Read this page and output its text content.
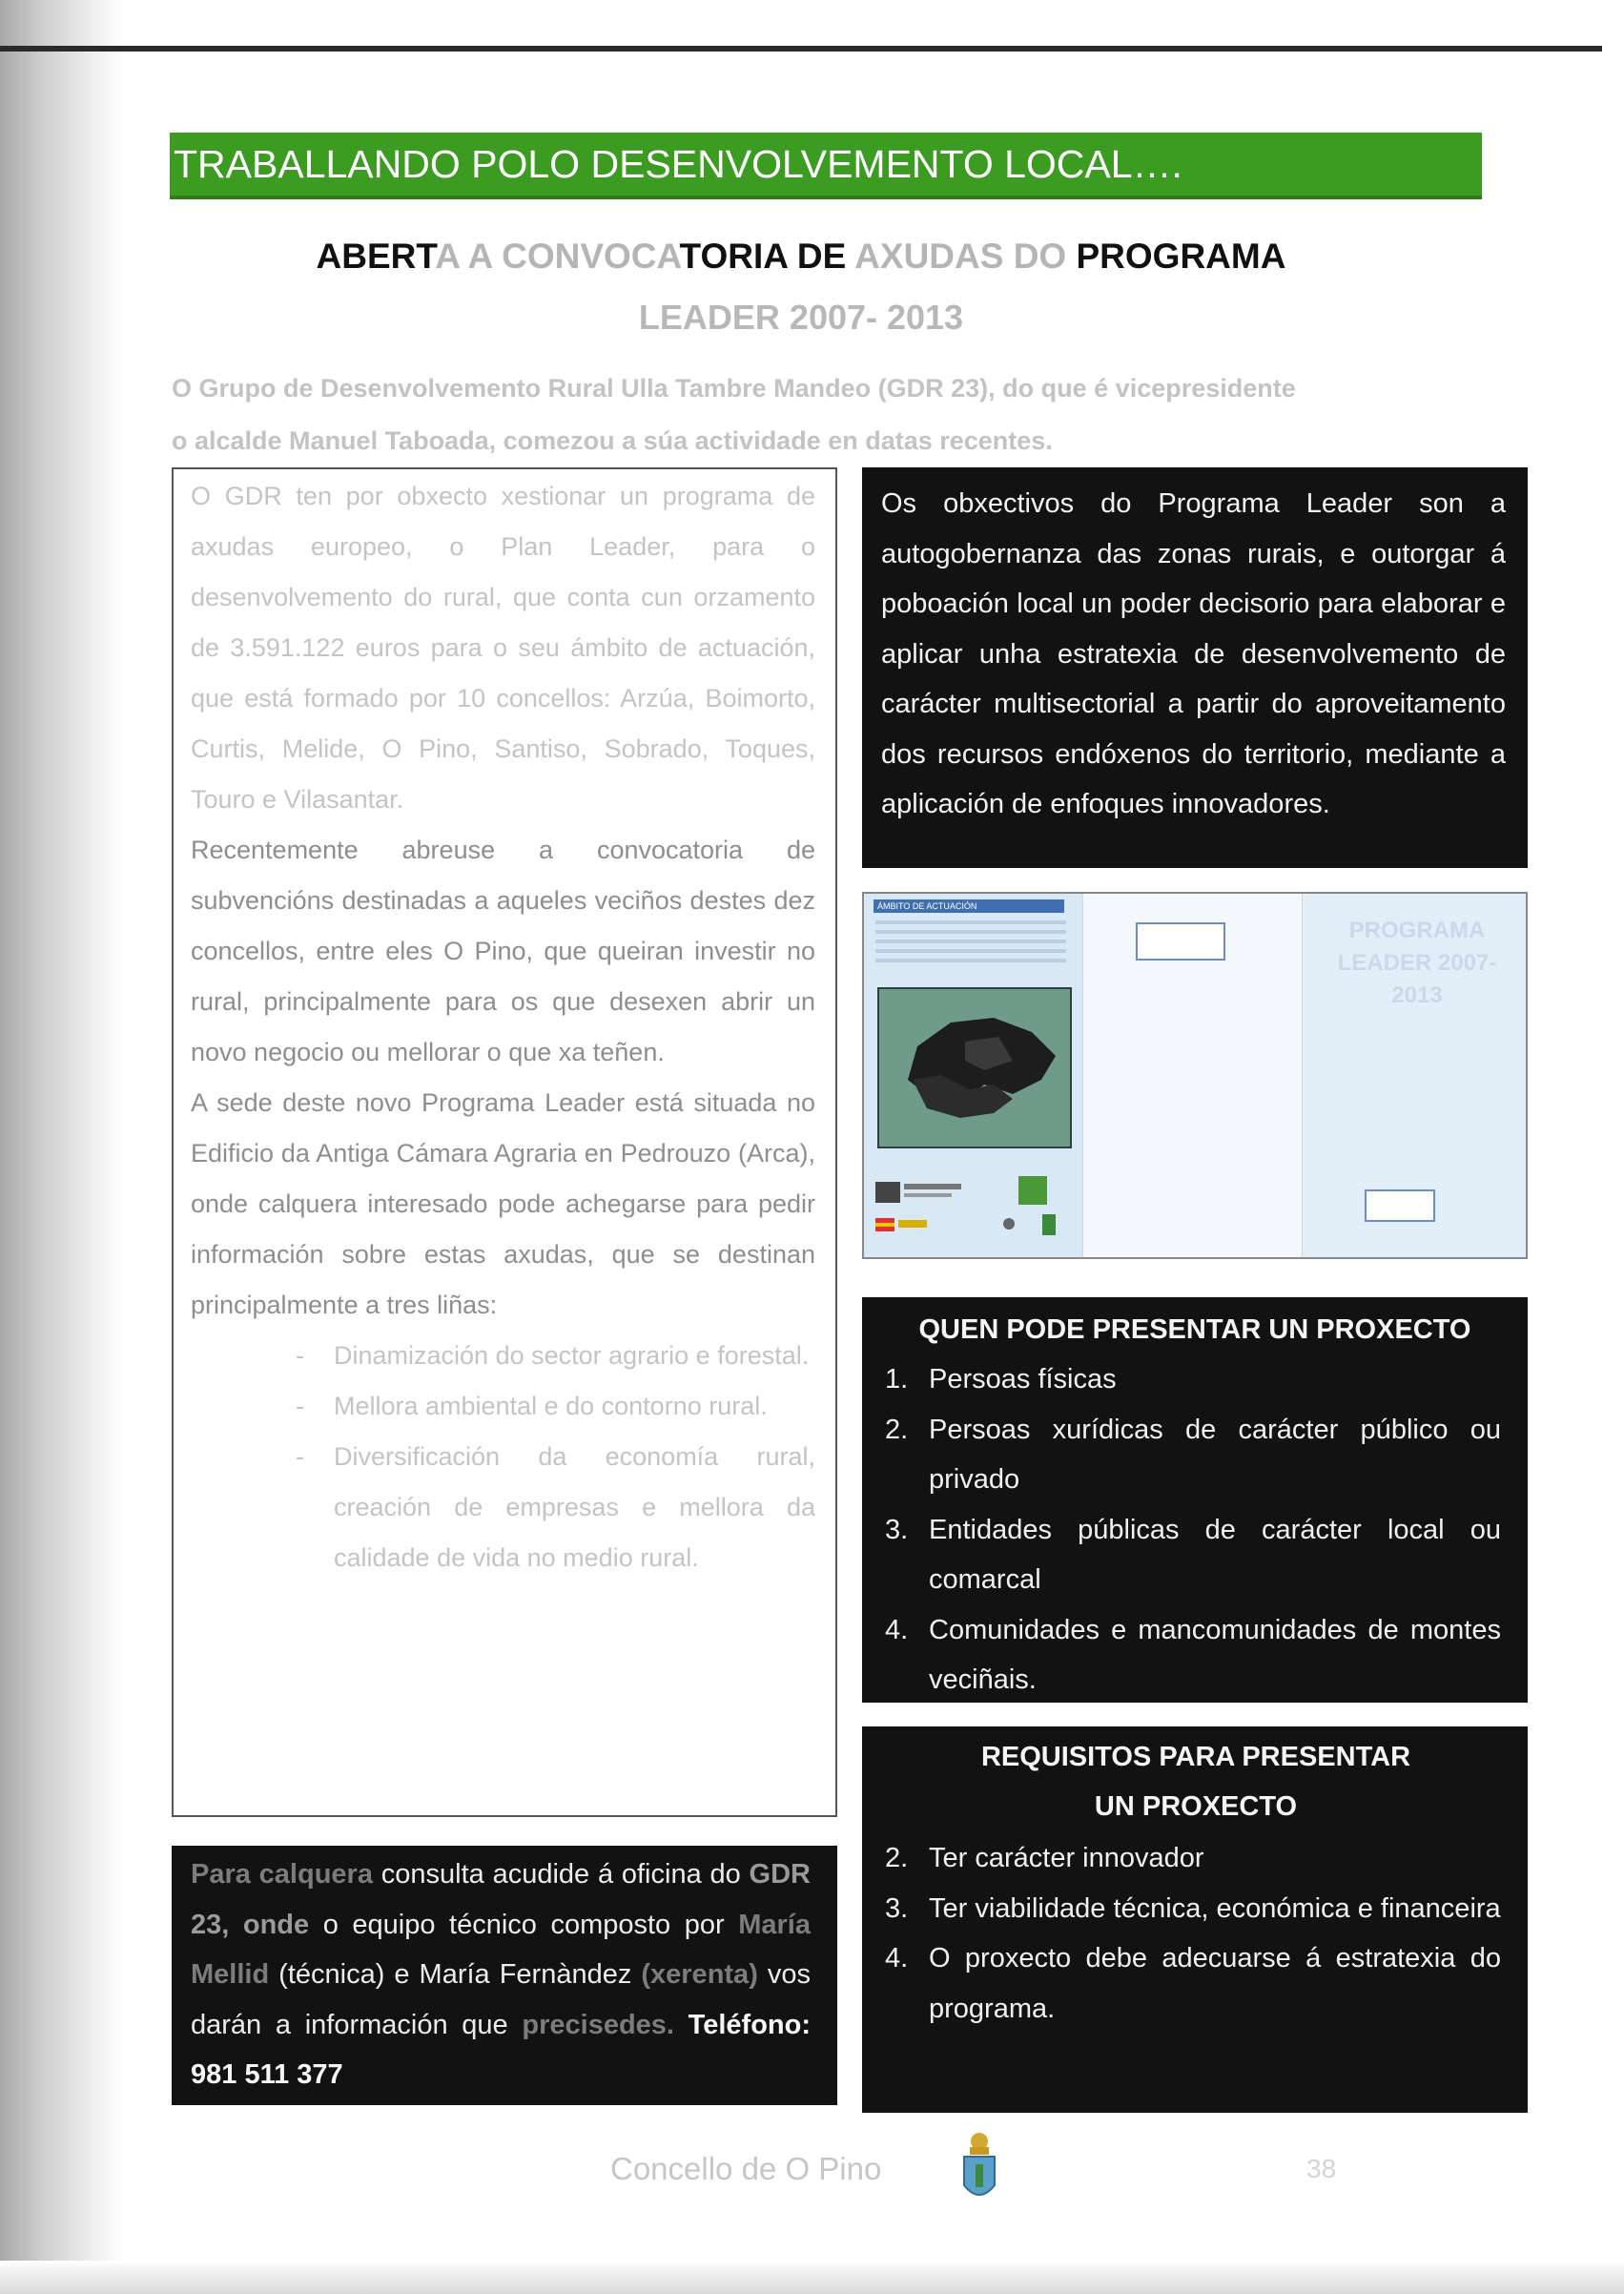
TRABALLANDO POLO DESENVOLVEMENTO LOCAL….
ABERTA A CONVOCATORIA DE AXUDAS DO PROGRAMA
LEADER 2007- 2013

O Grupo de Desenvolvemento Rural Ulla Tambre Mandeo (GDR 23), do que é vicepresidente

o alcalde Manuel Taboada, comezou a súa actividade en datas recentes.

O GDR ten por obxecto xestionar un programa de axudas europeo, o Plan Leader, para o desenvolvemento do rural, que conta cun orzamento de 3.591.122 euros para o seu ámbito de actuación, que está formado por 10 concellos: Arzúa, Boimorto, Curtis, Melide, O Pino, Santiso, Sobrado, Toques, Touro e Vilasantar.

Recentemente abreuse a convocatoria de subvencións destinadas a aqueles veciños destes dez concellos, entre eles O Pino, que queiran investir no rural, principalmente para os que desexen abrir un novo negocio ou mellorar o que xa teñen.

A sede deste novo Programa Leader está situada no Edificio da Antiga Cámara Agraria en Pedrouzo (Arca), onde calquera interesado pode achegarse para pedir información sobre estas axudas, que se destinan principalmente a tres liñas:

- Dinamización do sector agrario e forestal.
- Mellora ambiental e do contorno rural.
- Diversificación da economía rural, creación de empresas e mellora da calidade de vida no medio rural.

Os obxectivos do Programa Leader son a autogobernanza das zonas rurais, e outorgar á poboación local un poder decisorio para elaborar e aplicar unha estratexia de desenvolvemento de carácter multisectorial a partir do aproveitamento dos recursos endóxenos do territorio, mediante a aplicación de enfoques innovadores.

ÁMBITO DE ACTUACIÓN
PROGRAMA LEADER 2007-2013
QUEN PODE PRESENTAR UN PROXECTO
1. Persoas físicas
2. Persoas xurídicas de carácter público ou privado
3. Entidades públicas de carácter local ou comarcal
4. Comunidades e mancomunidades de montes veciñais.
REQUISITOS PARA PRESENTAR UN PROXECTO
2. Ter carácter innovador
3. Ter viabilidade técnica, económica e financeira
4. O proxecto debe adecuarse á estratexia do programa.

Para calquera consulta acudide á oficina do GDR 23, onde o equipo técnico composto por María Mellid (técnica) e María Fernàndez (xerenta) vos darán a información que precisedes. Teléfono: 981 511 377

Concello de O Pino	38
